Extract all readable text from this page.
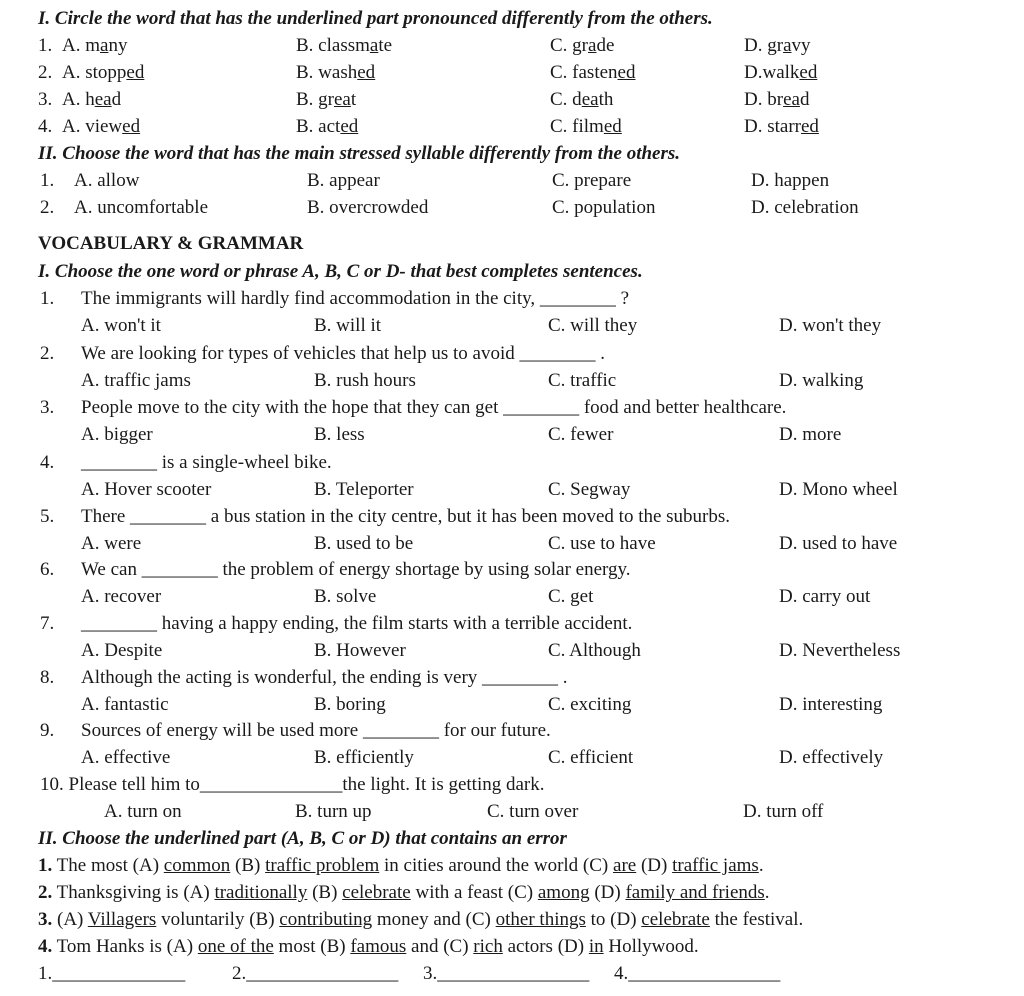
I. Circle the word that has the underlined part pronounced differently from the others.
1. A. many	B. classmate	C. grade	D. gravy
2. A. stopped	B. washed	C. fastened	D.walked
3. A. head	B. great	C. death	D. bread
4. A. viewed	B. acted	C. filmed	D. starred
II. Choose the word that has the main stressed syllable differently from the others.
1. A. allow	B. appear	C. prepare	D. happen
2. A. uncomfortable	B. overcrowded	C. population	D. celebration
VOCABULARY & GRAMMAR
I. Choose the one word or phrase A, B, C or D- that best completes sentences.
1. The immigrants will hardly find accommodation in the city, ________ ?
A. won't it	B. will it	C. will they	D. won't they
2. We are looking for types of vehicles that help us to avoid ________ .
A. traffic jams	B. rush hours	C. traffic	D. walking
3. People move to the city with the hope that they can get ________ food and better healthcare.
A. bigger	B. less	C. fewer	D. more
4. ________ is a single-wheel bike.
A. Hover scooter	B. Teleporter	C. Segway	D. Mono wheel
5. There ________ a bus station in the city centre, but it has been moved to the suburbs.
A. were	B. used to be	C. use to have	D. used to have
6. We can ________ the problem of energy shortage by using solar energy.
A. recover	B. solve	C. get	D. carry out
7. ________ having a happy ending, the film starts with a terrible accident.
A. Despite	B. However	C. Although	D. Nevertheless
8. Although the acting is wonderful, the ending is very ________ .
A. fantastic	B. boring	C. exciting	D. interesting
9. Sources of energy will be used more ________ for our future.
A. effective	B. efficiently	C. efficient	D. effectively
10. Please tell him to_______________the light. It is getting dark.
A. turn on	B. turn up	C. turn over	D. turn off
II. Choose the underlined part (A, B, C or D) that contains an error
1. The most (A) common (B) traffic problem in cities around the world (C) are (D) traffic jams.
2. Thanksgiving is (A) traditionally (B) celebrate with a feast (C) among (D) family and friends.
3. (A) Villagers voluntarily (B) contributing money and (C) other things to (D) celebrate the festival.
4. Tom Hanks is (A) one of the most (B) famous and (C) rich actors (D) in Hollywood.
1.______________ 2.________________ 3.________________ 4.________________
